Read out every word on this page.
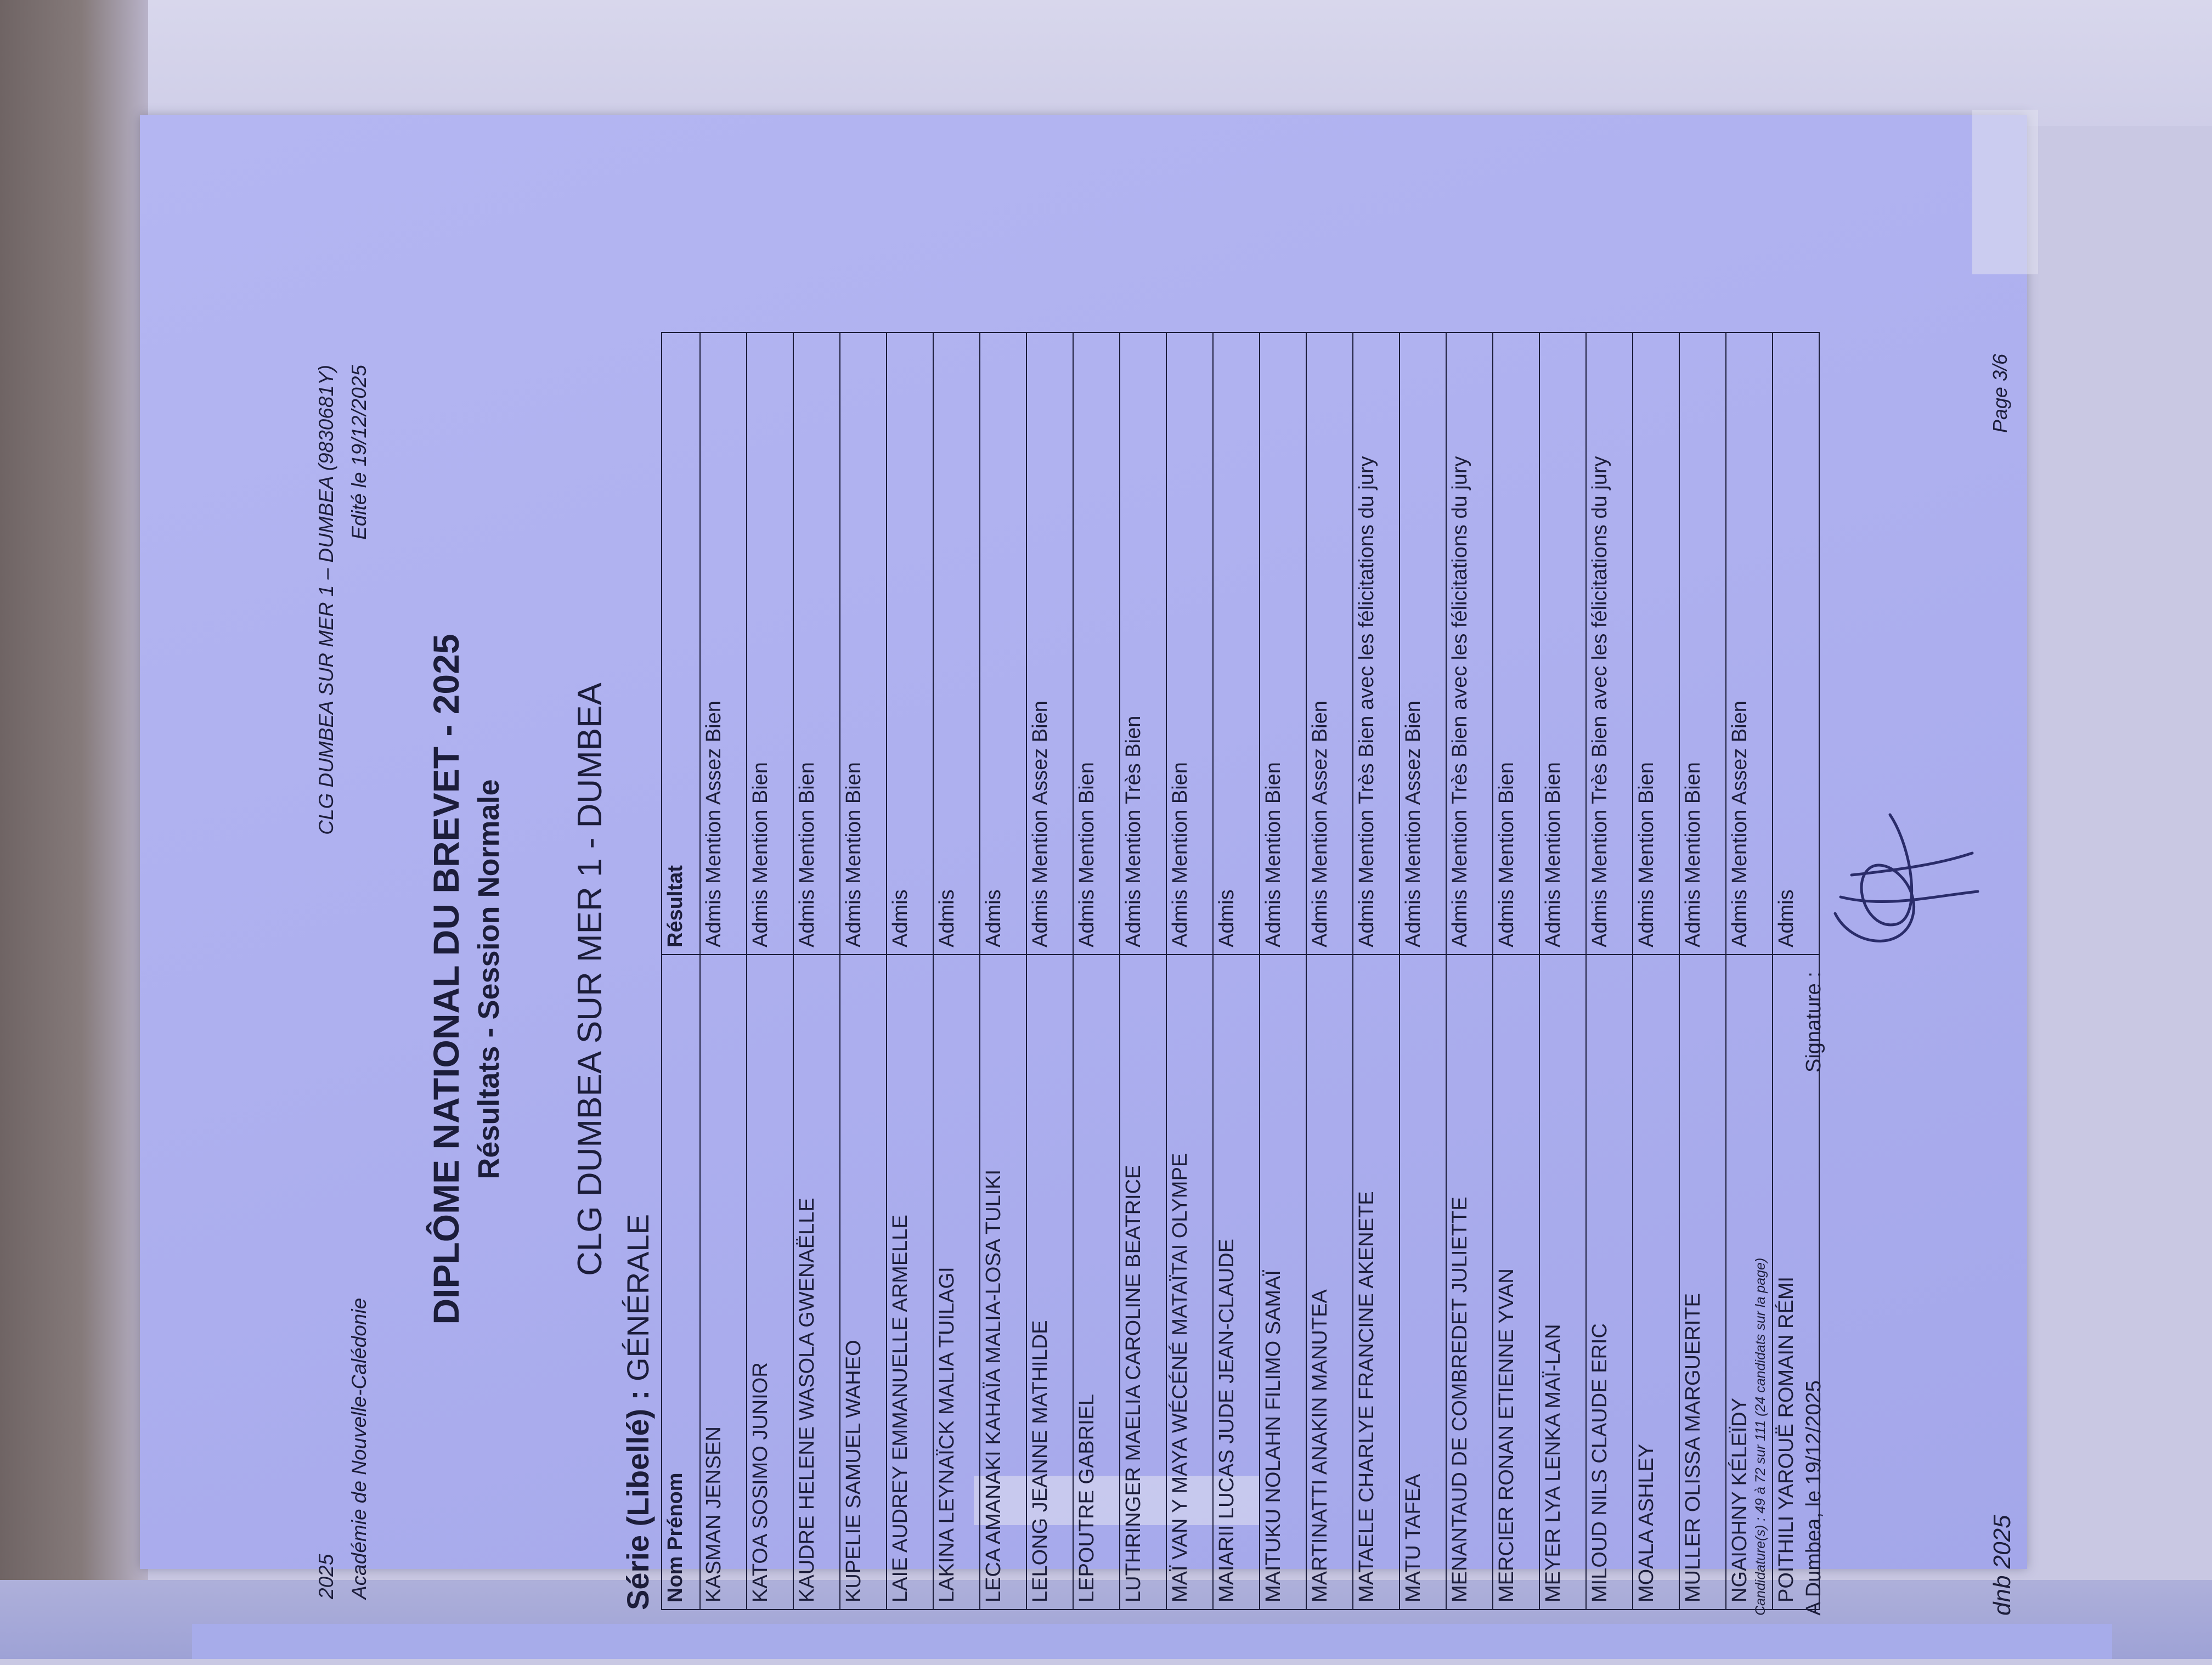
2025 Académie de Nouvelle-Calédonie
CLG DUMBEA SUR MER 1 – DUMBEA (9830681Y) Edité le 19/12/2025
DIPLÔME NATIONAL DU BREVET - 2025 Résultats - Session Normale CLG DUMBEA SUR MER 1 - DUMBEA
Série (Libellé) : GÉNÉRALE
Nom Prénom	Résultat
KASMAN JENSEN	Admis Mention Assez Bien
KATOA SOSIMO JUNIOR	Admis Mention Bien
KAUDRE HELENE WASOLA GWENAËLLE	Admis Mention Bien
KUPELIE SAMUEL WAHEO	Admis Mention Bien
LAIE AUDREY EMMANUELLE ARMELLE	Admis
LAKINA LEYNAÏCK MALIA TUILAGI	Admis
LECA AMANAKI KAHAÏA MALIA-LOSA TULIKI	Admis
LELONG JEANNE MATHILDE	Admis Mention Assez Bien
LEPOUTRE GABRIEL	Admis Mention Bien
LUTHRINGER MAELIA CAROLINE BEATRICE	Admis Mention Très Bien
MAÏ VAN Y MAYA WÉCÉNÉ MATAÏTAI OLYMPE	Admis Mention Bien
MAIARII LUCAS JUDE JEAN-CLAUDE	Admis
MAITUKU NOLAHN FILIMO SAMAÏ	Admis Mention Bien
MARTINATTI ANAKIN MANUTEA	Admis Mention Assez Bien
MATAELE CHARLYE FRANCINE AKENETE	Admis Mention Très Bien avec les félicitations du jury
MATU TAFEA	Admis Mention Assez Bien
MENANTAUD DE COMBREDET JULIETTE	Admis Mention Très Bien avec les félicitations du jury
MERCIER RONAN ETIENNE YVAN	Admis Mention Bien
MEYER LYA LENKA MAÏ-LAN	Admis Mention Bien
MILOUD NILS CLAUDE ERIC	Admis Mention Très Bien avec les félicitations du jury
MOALA ASHLEY	Admis Mention Bien
MULLER OLISSA MARGUERITE	Admis Mention Bien
NGAIOHNY KÉLEÏDY	Admis Mention Assez Bien
POITHILI YAROUË ROMAIN RÉMI	Admis
Candidature(s) : 49 à 72 sur 111 (24 candidats sur la page) A Dumbea, le 19/12/2025
Signature :
dnb 2025
Page 3/6
